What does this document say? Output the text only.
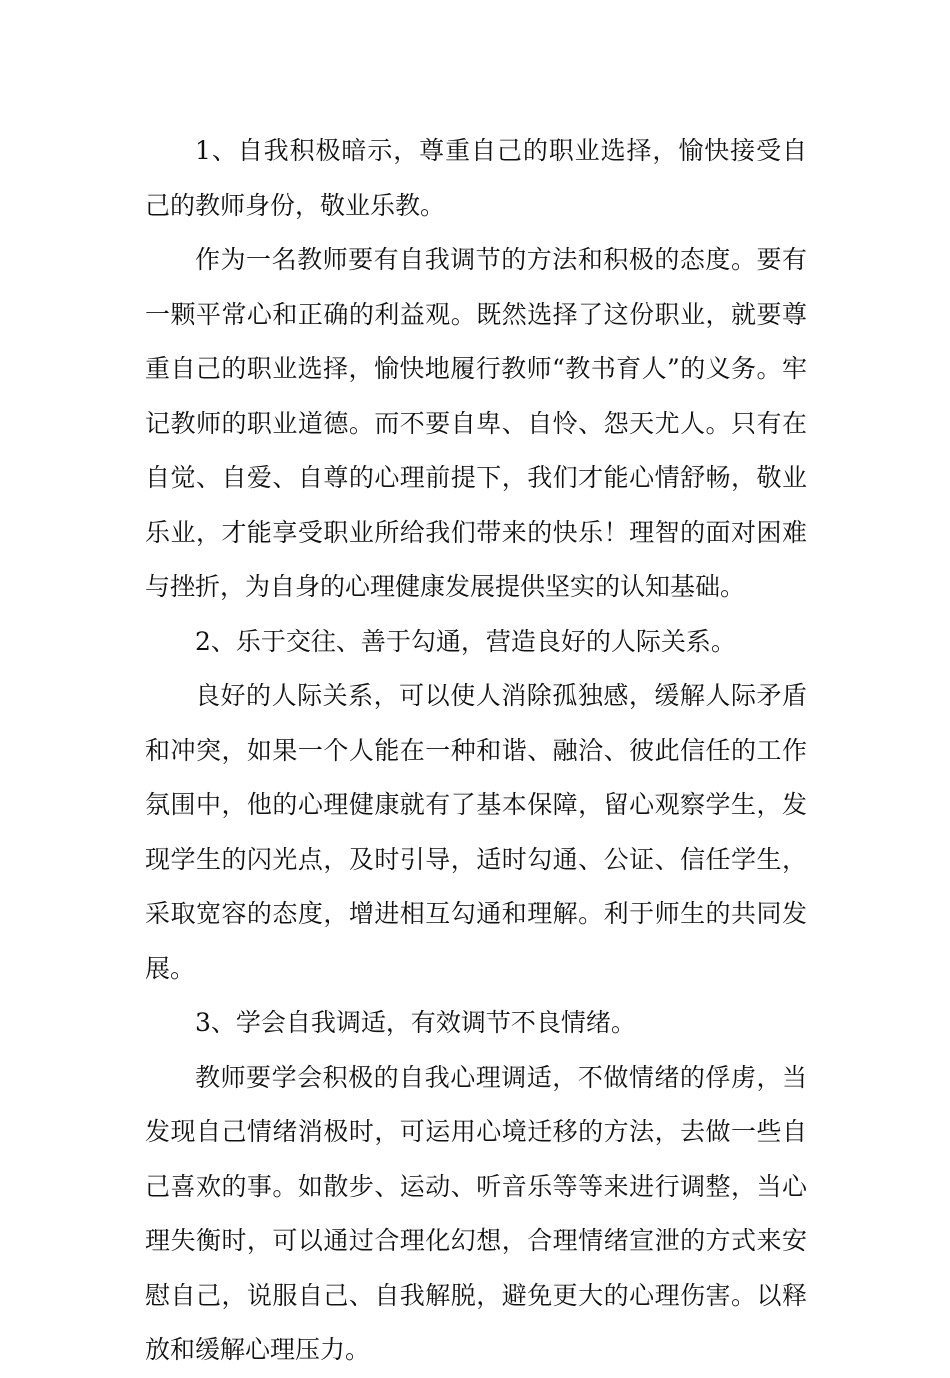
1、自我积极暗示，尊重自己的职业选择，愉快接受自己的教师身份，敬业乐教。

作为一名教师要有自我调节的方法和积极的态度。要有一颗平常心和正确的利益观。既然选择了这份职业，就要尊重自己的职业选择，愉快地履行教师“教书育人”的义务。牢记教师的职业道德。而不要自卑、自怜、怨天尤人。只有在自觉、自爱、自尊的心理前提下，我们才能心情舒畅，敬业乐业，才能享受职业所给我们带来的快乐！理智的面对困难与挫折，为自身的心理健康发展提供坚实的认知基础。

2、乐于交往、善于勾通，营造良好的人际关系。

良好的人际关系，可以使人消除孤独感，缓解人际矛盾和冲突，如果一个人能在一种和谐、融洽、彼此信任的工作氛围中，他的心理健康就有了基本保障，留心观察学生，发现学生的闪光点，及时引导，适时勾通、公证、信任学生，采取宽容的态度，增进相互勾通和理解。利于师生的共同发展。

3、学会自我调适，有效调节不良情绪。

教师要学会积极的自我心理调适，不做情绪的俘虏，当发现自己情绪消极时，可运用心境迁移的方法，去做一些自己喜欢的事。如散步、运动、听音乐等等来进行调整，当心理失衡时，可以通过合理化幻想，合理情绪宣泄的方式来安慰自己，说服自己、自我解脱，避免更大的心理伤害。以释放和缓解心理压力。
